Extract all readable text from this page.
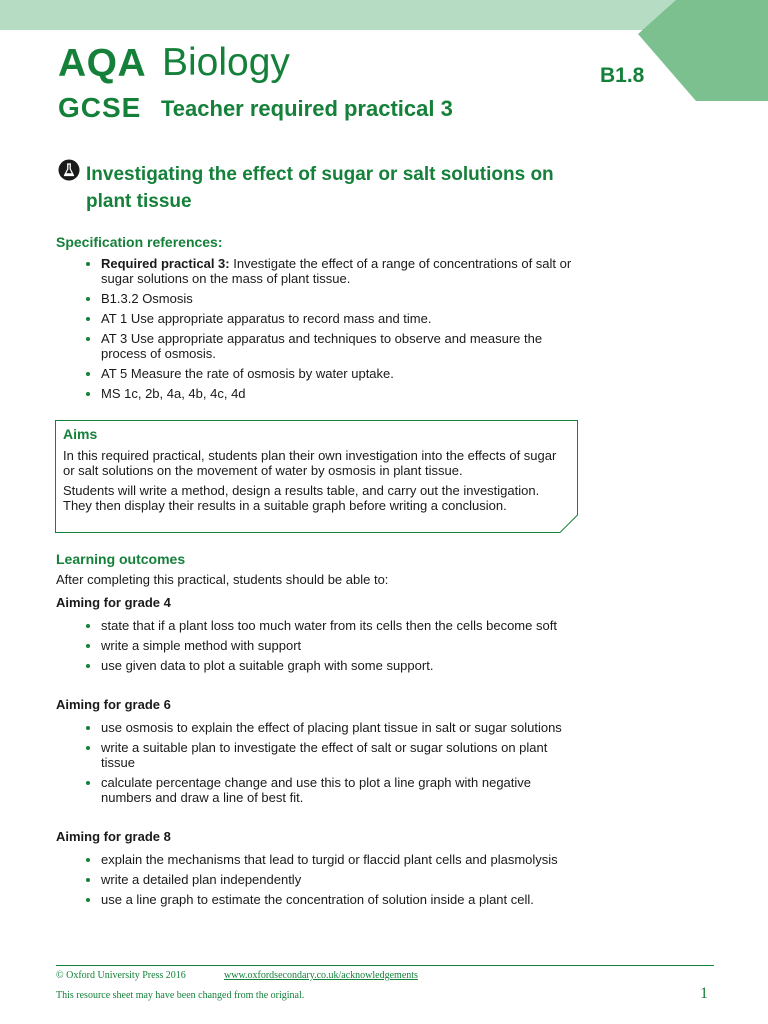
AQA Biology
GCSE Teacher required practical 3
B1.8
Investigating the effect of sugar or salt solutions on plant tissue
Specification references:
Required practical 3: Investigate the effect of a range of concentrations of salt or sugar solutions on the mass of plant tissue.
B1.3.2 Osmosis
AT 1 Use appropriate apparatus to record mass and time.
AT 3 Use appropriate apparatus and techniques to observe and measure the process of osmosis.
AT 5 Measure the rate of osmosis by water uptake.
MS 1c, 2b, 4a, 4b, 4c, 4d
Aims

In this required practical, students plan their own investigation into the effects of sugar or salt solutions on the movement of water by osmosis in plant tissue.

Students will write a method, design a results table, and carry out the investigation. They then display their results in a suitable graph before writing a conclusion.

Learning outcomes

After completing this practical, students should be able to:

Aiming for grade 4

state that if a plant loss too much water from its cells then the cells become soft
write a simple method with support
use given data to plot a suitable graph with some support.

Aiming for grade 6

use osmosis to explain the effect of placing plant tissue in salt or sugar solutions
write a suitable plan to investigate the effect of salt or sugar solutions on plant tissue
calculate percentage change and use this to plot a line graph with negative numbers and draw a line of best fit.

Aiming for grade 8

explain the mechanisms that lead to turgid or flaccid plant cells and plasmolysis
write a detailed plan independently
use a line graph to estimate the concentration of solution inside a plant cell.
© Oxford University Press 2016	www.oxfordsecondary.co.uk/acknowledgements
This resource sheet may have been changed from the original.	1
